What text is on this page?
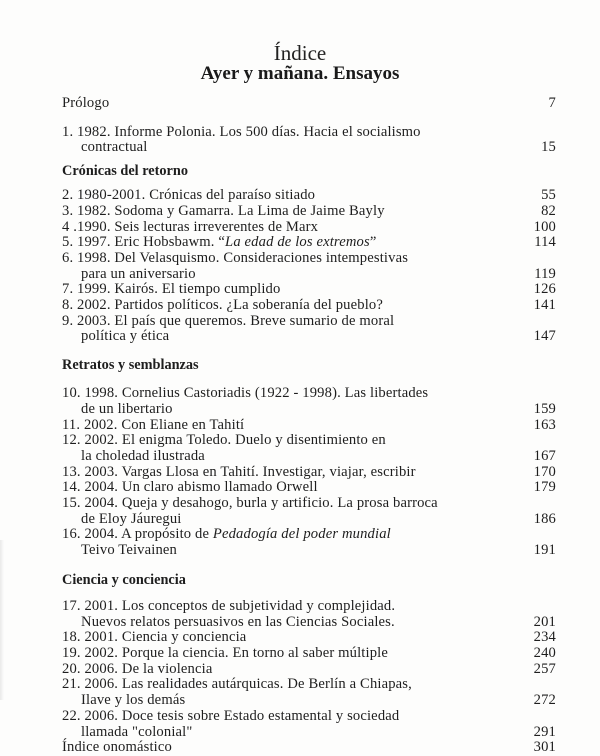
Índice
Ayer y mañana. Ensayos
Prólogo	7
1. 1982. Informe Polonia. Los 500 días. Hacia el socialismo
contractual	15
Crónicas del retorno
2. 1980-2001. Crónicas del paraíso sitiado	55
3. 1982. Sodoma y Gamarra. La Lima de Jaime Bayly	82
4 .1990. Seis lecturas irreverentes de Marx	100
5. 1997. Eric Hobsbawm. “La edad de los extremos”	114
6. 1998. Del Velasquismo. Consideraciones intempestivas
para un aniversario	119
7. 1999. Kairós. El tiempo cumplido	126
8. 2002. Partidos políticos. ¿La soberanía del pueblo?	141
9. 2003. El país que queremos. Breve sumario de moral
política y ética	147
Retratos y semblanzas
10. 1998. Cornelius Castoriadis (1922 - 1998). Las libertades
de un libertario	159
11. 2002. Con Eliane en Tahití	163
12. 2002. El enigma Toledo. Duelo y disentimiento en
la choledad ilustrada	167
13. 2003. Vargas Llosa en Tahití. Investigar, viajar, escribir	170
14. 2004. Un claro abismo llamado Orwell	179
15. 2004. Queja y desahogo, burla y artificio. La prosa barroca
de Eloy Jáuregui	186
16. 2004. A propósito de Pedadogía del poder mundial
Teivo Teivainen	191
Ciencia y conciencia
17. 2001. Los conceptos de subjetividad y complejidad.
Nuevos relatos persuasivos en las Ciencias Sociales.	201
18. 2001. Ciencia y conciencia	234
19. 2002. Porque la ciencia. En torno al saber múltiple	240
20. 2006. De la violencia	257
21. 2006. Las realidades autárquicas. De Berlín a Chiapas,
Ilave y los demás	272
22. 2006. Doce tesis sobre Estado estamental y sociedad
llamada "colonial"	291
Índice onomástico	301
